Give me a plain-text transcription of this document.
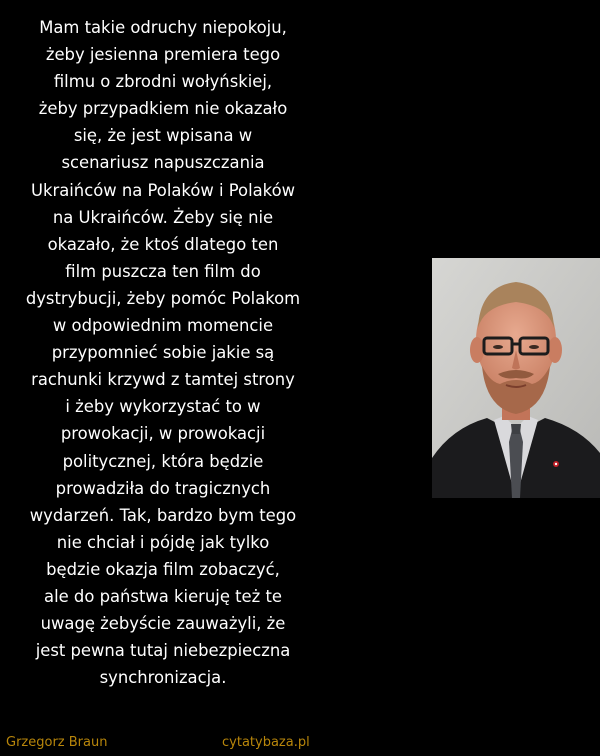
Mam takie odruchy niepokoju,
żeby jesienna premiera tego
filmu o zbrodni wołyńskiej,
żeby przypadkiem nie okazało
się, że jest wpisana w
scenariusz napuszczania
Ukraińców na Polaków i Polaków
na Ukraińców. Żeby się nie
okazało, że ktoś dlatego ten
film puszcza ten film do
dystrybucji, żeby pomóc Polakom
w odpowiednim momencie
przypomnieć sobie jakie są
rachunki krzywd z tamtej strony
i żeby wykorzystać to w
prowokacji, w prowokacji
politycznej, która będzie
prowadziła do tragicznych
wydarzeń. Tak, bardzo bym tego
nie chciał i pójdę jak tylko
będzie okazja film zobaczyć,
ale do państwa kieruję też te
uwagę żebyście zauważyli, że
jest pewna tutaj niebezpieczna
synchronizacja.
Grzegorz Braun	cytatybaza.pl
